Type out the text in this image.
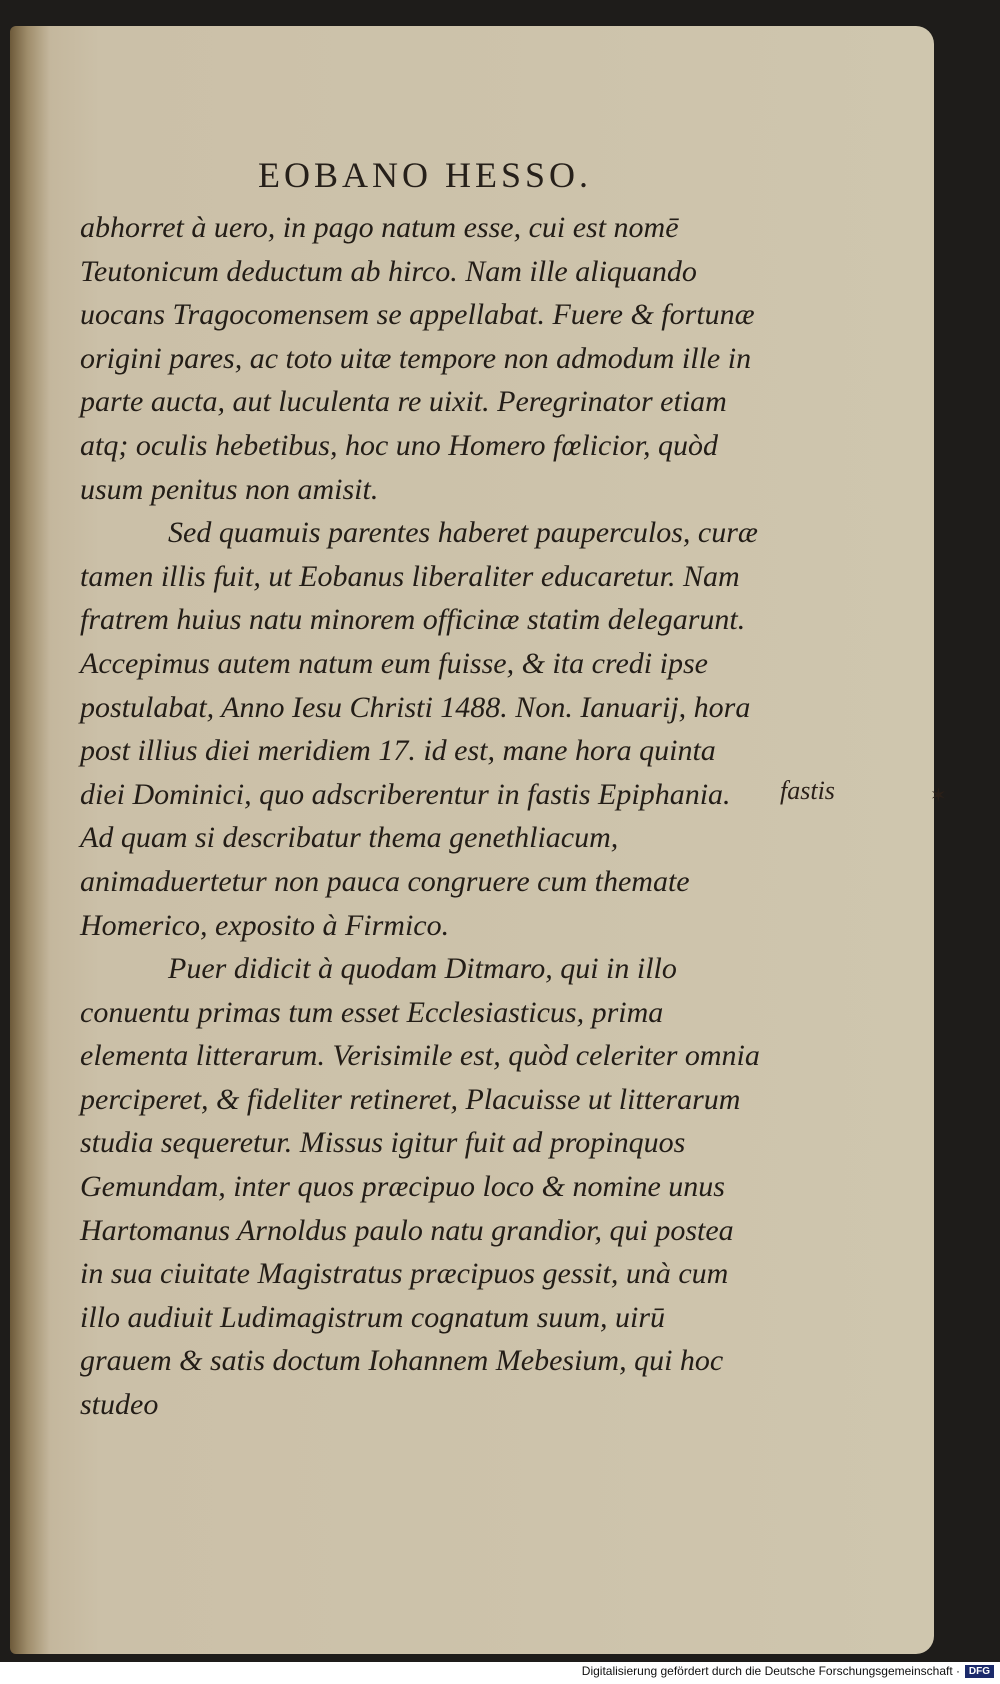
EOBANO HESSO.

abhorret à uero, in pago natum esse, cui est nomē Teutonicum deductum ab hirco. Nam ille aliquando uocans Tragocomensem se appellabat. Fuere & fortunæ origini pares, ac toto uitæ tempore non admodum ille in parte aucta, aut luculenta re uixit. Peregrinator etiam atq; oculis hebetibus, hoc uno Homero fœlicior, quòd usum penitus non amisit.

Sed quamuis parentes haberet pauperculos, curæ tamen illis fuit, ut Eobanus liberaliter educaretur. Nam fratrem huius natu minorem officinæ statim delegarunt. Accepimus autem natum eum fuisse, & ita credi ipse postulabat, Anno Iesu Christi 1488. Non. Ianuarij, hora post illius diei meridiem 17. id est, mane hora quinta diei Dominici, quo adscriberentur in fastis Epiphania. Ad quam si describatur thema genethliacum, animaduertetur non pauca congruere cum themate Homerico, exposito à Firmico.

Puer didicit à quodam Ditmaro, qui in illo conuentu primas tum esset Ecclesiasticus, prima elementa litterarum. Verisimile est, quòd celeriter omnia perciperet, & fideliter retineret, Placuisse ut litterarum studia sequeretur. Missus igitur fuit ad propinquos Gemundam, inter quos præcipuo loco & nomine unus Hartomanus Arnoldus paulo natu grandior, qui postea in sua ciuitate Magistratus præcipuos gessit, unà cum illo audiuit Ludimagistrum cognatum suum, uirū grauem & satis doctum Iohannem Mebesium, qui hoc studeo

fastis	✶
Digitalisierung gefördert durch die Deutsche Forschungsgemeinschaft · DFG
